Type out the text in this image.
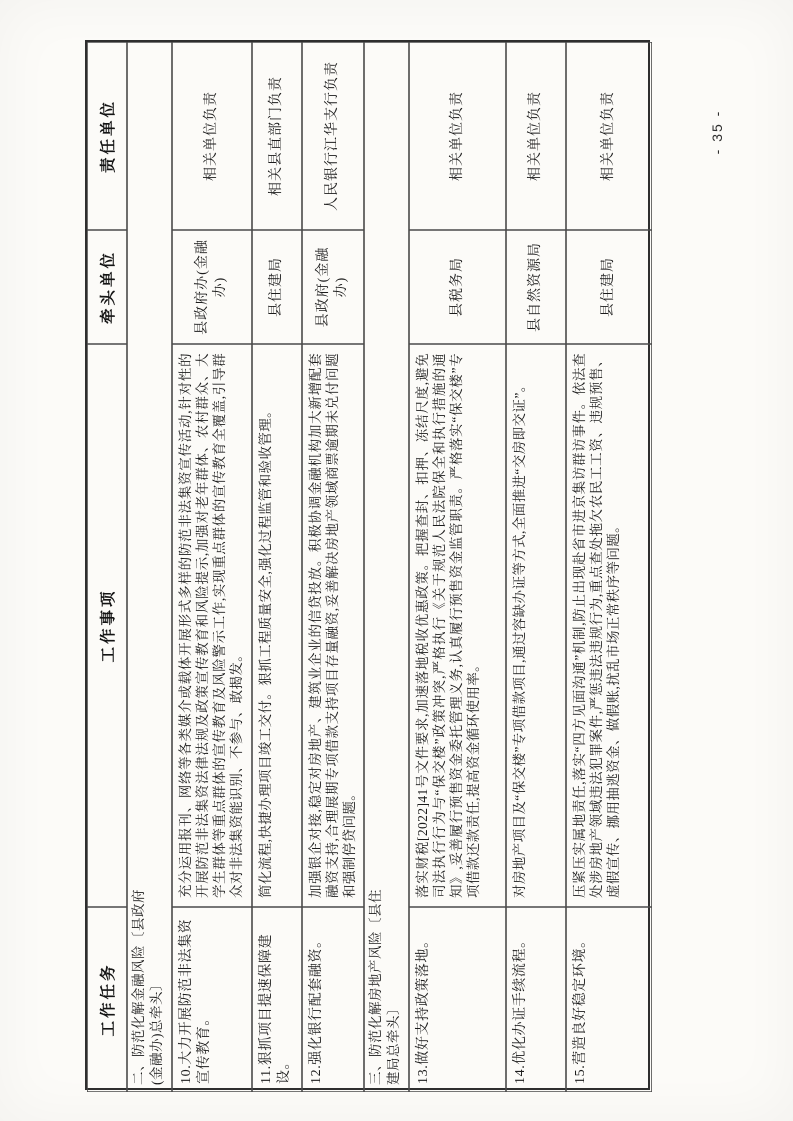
- 35 -
责任单位
牵头单位
工作事项
工作任务	二、防范化解金融风险〔县政府(金融办)总牵头〕
相关单位负责
县政府办(金融办)
充分运用报刊、网络等各类媒介或载体开展形式多样的防范非法集资宣传活动,针对性的开展防范非法集资法律法规及政策宣传教育和风险提示,加强对老年群体、农村群众、大学生群体等重点群体的宣传教育及风险警示工作,实现重点群体的宣传教育全覆盖,引导群众对非法集资能识别、不参与、敢揭发。
10.大力开展防范非法集资宣传教育。
相关县直部门负责
县住建局
简化流程,快捷办理项目竣工交付。狠抓工程质量安全,强化过程监管和验收管理。
11.狠抓项目提速保障建设。
人民银行江华支行负责
县政府(金融办)
加强银企对接,稳定对房地产、建筑业企业的信贷投放。积极协调金融机构加大新增配套融资支持,合理展期专项借款支持项目存量融资,妥善解决房地产领域商票逾期未兑付问题和强制停贷问题。
12.强化银行配套融资。	三、防范化解房地产风险〔县住建局总牵头〕
相关单位负责
县税务局
落实财税[2022]41号文件要求,加速落地税收优惠政策。把握查封、扣押、冻结尺度,避免司法执行行为与“保交楼”政策冲突,严格执行《关于规范人民法院保全和执行措施的通知》,妥善履行预售资金委托管理义务,认真履行预售资金监管职责。严格落实“保交楼”专项借款还款责任,提高资金循环使用率。
13.做好支持政策落地。
相关单位负责
县自然资源局
对房地产项目及“保交楼”专项借款项目,通过容缺办证等方式,全面推进“交房即交证”。
14.优化办证手续流程。
相关单位负责
县住建局
压紧压实属地责任,落实“四方见面沟通”机制,防止出现赴省市进京集访群访事件。依法查处涉房地产领域违法犯罪案件,严惩违法违规行为,重点查处拖欠农民工工资、违规预售、虚假宣传、挪用抽逃资金、做假账,扰乱市场正常秩序等问题。
15.营造良好稳定环境。
